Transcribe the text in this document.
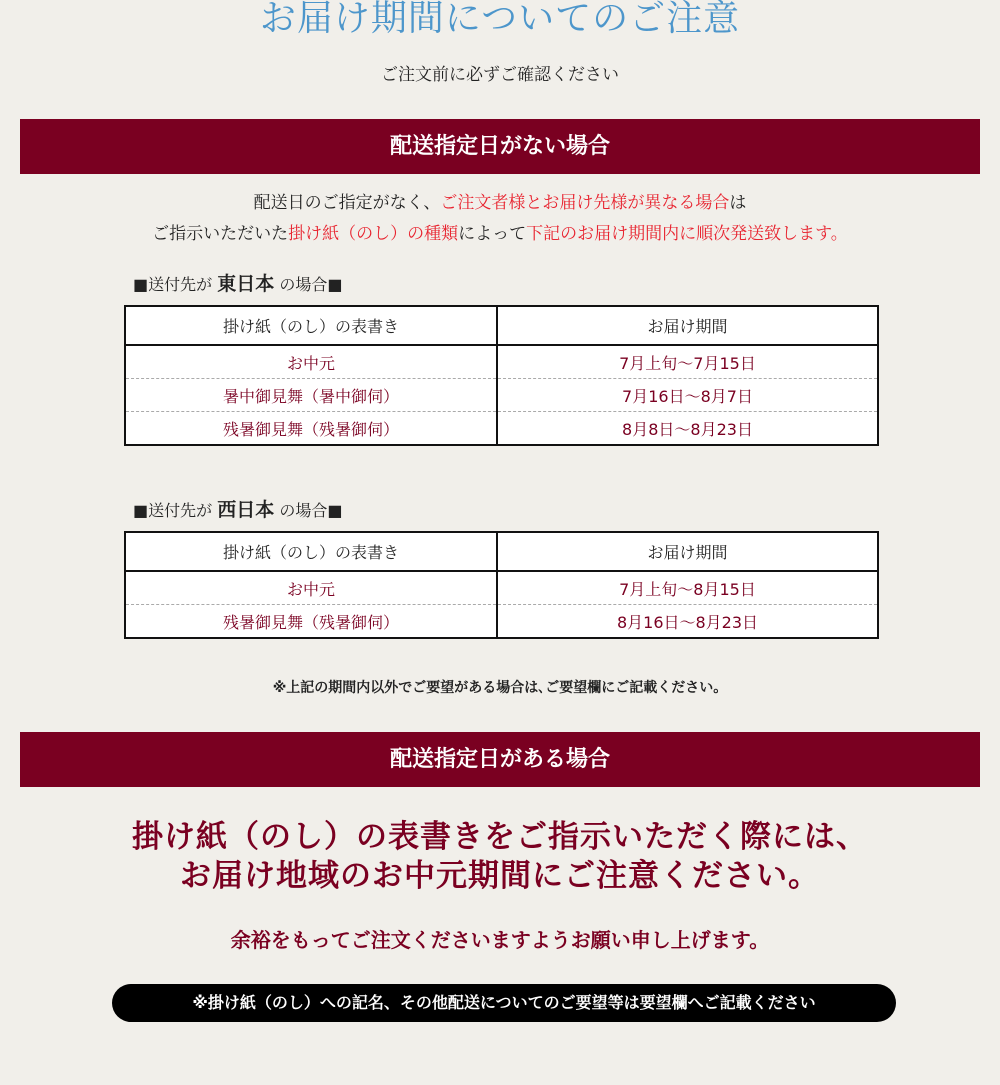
お届け期間についてのご注意
ご注文前に必ずご確認ください
配送指定日がない場合
配送日のご指定がなく、ご注文者様とお届け先様が異なる場合は
ご指示いただいた掛け紙（のし）の種類によって下記のお届け期間内に順次発送致します。
■送付先が 東日本 の場合■
掛け紙（のし）の表書き	お届け期間
お中元	7月上旬〜7月15日
暑中御見舞（暑中御伺）	7月16日〜8月7日
残暑御見舞（残暑御伺）	8月8日〜8月23日
■送付先が 西日本 の場合■
掛け紙（のし）の表書き	お届け期間
お中元	7月上旬〜8月15日
残暑御見舞（残暑御伺）	8月16日〜8月23日
※上記の期間内以外でご要望がある場合は､ご要望欄にご記載ください。
配送指定日がある場合
掛け紙（のし）の表書きをご指示いただく際には、
お届け地域のお中元期間にご注意ください。
余裕をもってご注文くださいますようお願い申し上げます。
※掛け紙（のし）への記名、その他配送についてのご要望等は要望欄へご記載ください
